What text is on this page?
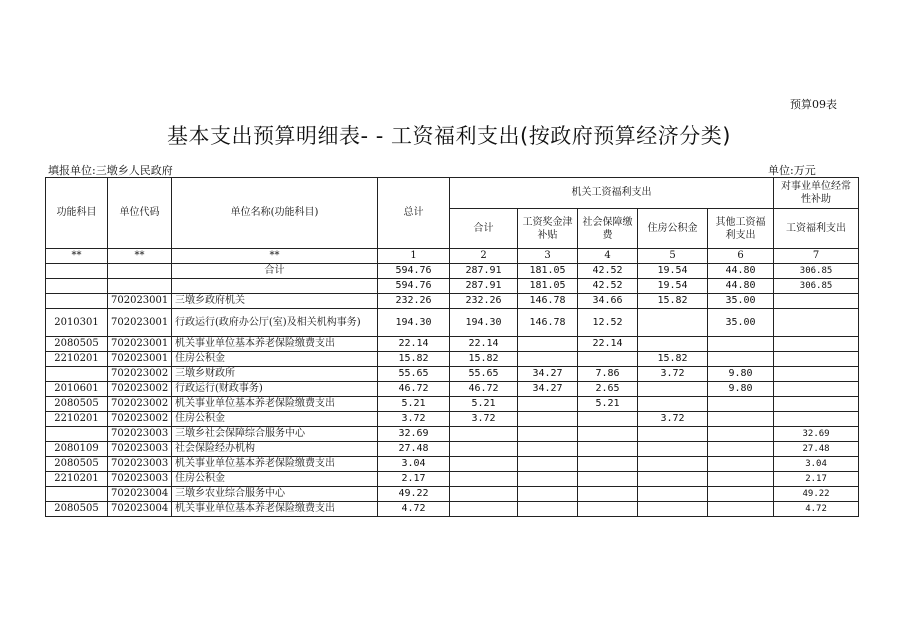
预算09表
基本支出预算明细表- - 工资福利支出(按政府预算经济分类)
填报单位:三墩乡人民政府	单位:万元
功能科目	单位代码	单位名称(功能科目)	总计	机关工资福利支出					对事业单位经常性补助
				合计	工资奖金津补贴	社会保障缴费	住房公积金	其他工资福利支出	工资福利支出
**	**	**	1	2	3	4	5	6	7
		合计	594.76	287.91	181.05	42.52	19.54	44.80	306.85
			594.76	287.91	181.05	42.52	19.54	44.80	306.85
	702023001	三墩乡政府机关	232.26	232.26	146.78	34.66	15.82	35.00	
2010301	702023001	行政运行(政府办公厅(室)及相关机构事务)	194.30	194.30	146.78	12.52		35.00	
2080505	702023001	机关事业单位基本养老保险缴费支出	22.14	22.14		22.14			
2210201	702023001	住房公积金	15.82	15.82			15.82		
	702023002	三墩乡财政所	55.65	55.65	34.27	7.86	3.72	9.80	
2010601	702023002	行政运行(财政事务)	46.72	46.72	34.27	2.65		9.80	
2080505	702023002	机关事业单位基本养老保险缴费支出	5.21	5.21		5.21			
2210201	702023002	住房公积金	3.72	3.72			3.72		
	702023003	三墩乡社会保障综合服务中心	32.69						32.69
2080109	702023003	社会保险经办机构	27.48						27.48
2080505	702023003	机关事业单位基本养老保险缴费支出	3.04						3.04
2210201	702023003	住房公积金	2.17						2.17
	702023004	三墩乡农业综合服务中心	49.22						49.22
2080505	702023004	机关事业单位基本养老保险缴费支出	4.72						4.72
